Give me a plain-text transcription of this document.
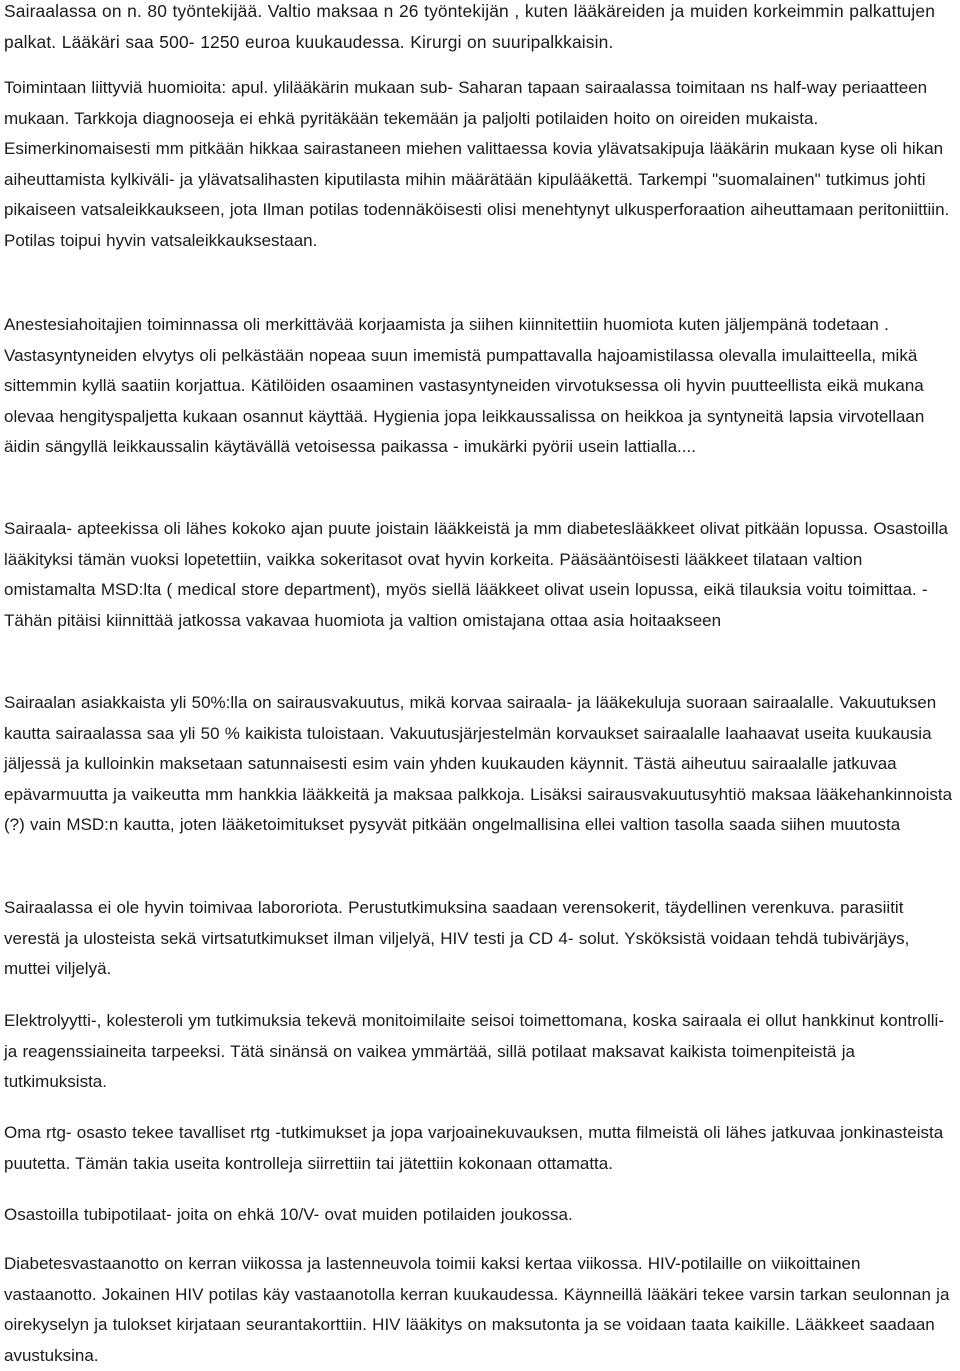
Sairaalassa on n. 80 työntekijää. Valtio maksaa n 26 työntekijän , kuten lääkäreiden ja muiden korkeimmin palkattujen palkat. Lääkäri saa 500- 1250 euroa kuukaudessa. Kirurgi on suuripalkkaisin.

Toimintaan liittyviä huomioita: apul. ylilääkärin mukaan sub- Saharan tapaan sairaalassa toimitaan ns half-way periaatteen mukaan. Tarkkoja diagnooseja ei ehkä pyritäkään tekemään ja paljolti potilaiden hoito on oireiden mukaista. Esimerkinomaisesti mm pitkään hikkaa sairastaneen miehen valittaessa kovia ylävatsakipuja lääkärin mukaan kyse oli hikan aiheuttamista kylkiväli- ja ylävatsalihasten kiputilasta mihin määrätään kipulääkettä. Tarkempi "suomalainen" tutkimus johti pikaiseen vatsaleikkaukseen, jota Ilman potilas todennäköisesti olisi menehtynyt ulkusperforaation aiheuttamaan peritoniittiin. Potilas toipui hyvin vatsaleikkauksestaan.

Anestesiahoitajien toiminnassa oli merkittävää korjaamista ja siihen kiinnitettiin huomiota kuten jäljempänä todetaan . Vastasyntyneiden elvytys oli pelkästään nopeaa suun imemistä pumpattavalla hajoamistilassa olevalla imulaitteella, mikä sittemmin kyllä saatiin korjattua. Kätilöiden osaaminen vastasyntyneiden virvotuksessa oli hyvin puutteellista eikä mukana olevaa hengityspaljetta kukaan osannut käyttää. Hygienia jopa leikkaussalissa on heikkoa ja syntyneitä lapsia virvotellaan äidin sängyllä leikkaussalin käytävällä vetoisessa paikassa - imukärki pyörii usein lattialla....

Sairaala- apteekissa oli lähes kokoko ajan puute joistain lääkkeistä ja mm diabeteslääkkeet olivat pitkään lopussa. Osastoilla lääkityksi tämän vuoksi lopetettiin, vaikka sokeritasot ovat hyvin korkeita. Pääsääntöisesti lääkkeet tilataan valtion omistamalta MSD:lta ( medical store department), myös siellä lääkkeet olivat usein lopussa, eikä tilauksia voitu toimittaa. - Tähän pitäisi kiinnittää jatkossa vakavaa huomiota ja valtion omistajana ottaa asia hoitaakseen

Sairaalan asiakkaista yli 50%:lla on sairausvakuutus, mikä korvaa sairaala- ja lääkekuluja suoraan sairaalalle. Vakuutuksen kautta sairaalassa saa yli 50 % kaikista tuloistaan. Vakuutusjärjestelmän korvaukset sairaalalle laahaavat useita kuukausia jäljessä ja kulloinkin maksetaan satunnaisesti esim vain yhden kuukauden käynnit. Tästä aiheutuu sairaalalle jatkuvaa epävarmuutta ja vaikeutta mm hankkia lääkkeitä ja maksaa palkkoja. Lisäksi sairausvakuutusyhtiö maksaa lääkehankinnoista (?) vain MSD:n kautta, joten lääketoimitukset pysyvät pitkään ongelmallisina ellei valtion tasolla saada siihen muutosta

Sairaalassa ei ole hyvin toimivaa labororiota. Perustutkimuksina saadaan verensokerit, täydellinen verenkuva. parasiitit verestä ja ulosteista sekä virtsatutkimukset ilman viljelyä, HIV testi ja CD 4- solut. Ysköksistä voidaan tehdä tubivärjäys, muttei viljelyä.

Elektrolyytti-, kolesteroli ym tutkimuksia tekevä monitoimilaite seisoi toimettomana, koska sairaala ei ollut hankkinut kontrolli- ja reagenssiaineita tarpeeksi. Tätä sinänsä on vaikea ymmärtää, sillä potilaat maksavat kaikista toimenpiteistä ja tutkimuksista.

Oma rtg- osasto tekee tavalliset rtg -tutkimukset ja jopa varjoainekuvauksen, mutta filmeistä oli lähes jatkuvaa jonkinasteista puutetta. Tämän takia useita kontrolleja siirrettiin tai jätettiin kokonaan ottamatta.

Osastoilla tubipotilaat- joita on ehkä 10/V- ovat muiden potilaiden joukossa.

Diabetesvastaanotto on kerran viikossa ja lastenneuvola toimii kaksi kertaa viikossa. HIV-potilaille on viikoittainen vastaanotto. Jokainen HIV potilas käy vastaanotolla kerran kuukaudessa. Käynneillä lääkäri tekee varsin tarkan seulonnan ja oirekyselyn ja tulokset kirjataan seurantakorttiin. HIV lääkitys on maksutonta ja se voidaan taata kaikille. Lääkkeet saadaan avustuksina.
